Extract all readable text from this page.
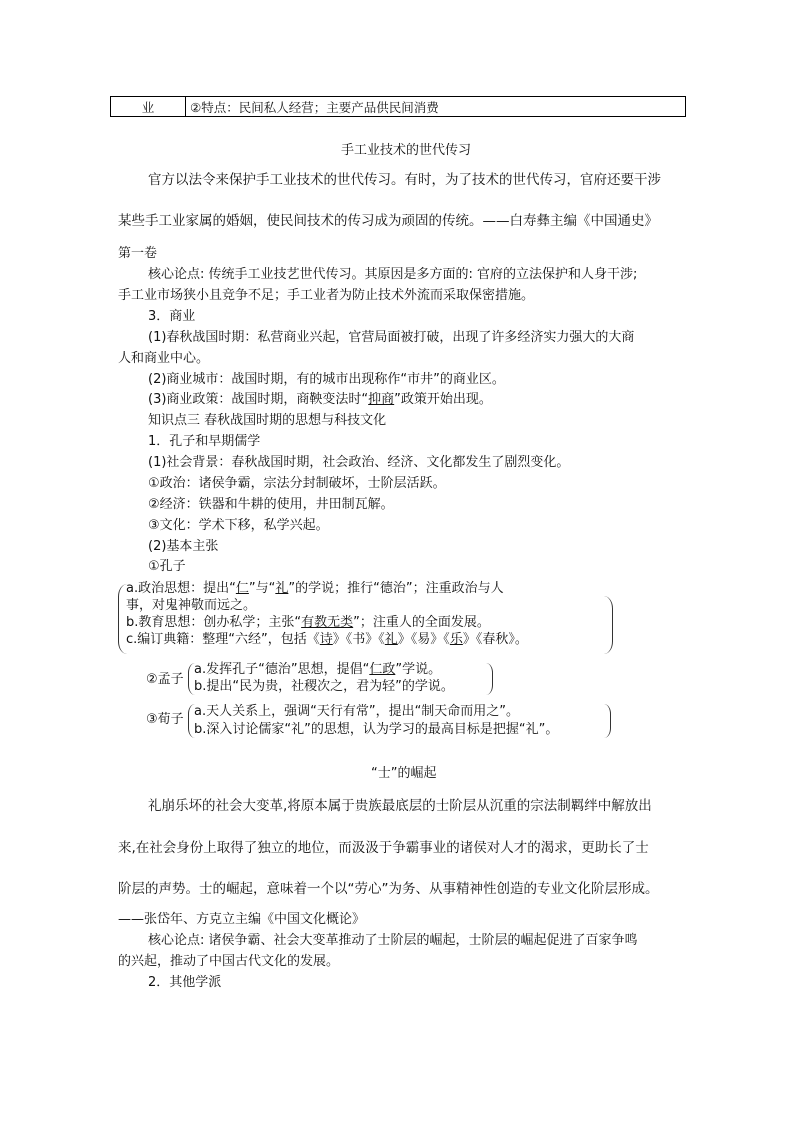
业	②特点：民间私人经营；主要产品供民间消费
手工业技术的世代传习
官方以法令来保护手工业技术的世代传习。有时，为了技术的世代传习，官府还要干涉
某些手工业家属的婚姻，使民间技术的传习成为顽固的传统。——白寿彝主编《中国通史》
第一卷
核心论点: 传统手工业技艺世代传习。其原因是多方面的: 官府的立法保护和人身干涉;
手工业市场狭小且竞争不足；手工业者为防止技术外流而采取保密措施。
3．商业
(1)春秋战国时期：私营商业兴起，官营局面被打破，出现了许多经济实力强大的大商
人和商业中心。
(2)商业城市：战国时期，有的城市出现称作“市井”的商业区。
(3)商业政策：战国时期，商鞅变法时“抑商”政策开始出现。
知识点三 春秋战国时期的思想与科技文化
1．孔子和早期儒学
(1)社会背景：春秋战国时期，社会政治、经济、文化都发生了剧烈变化。
①政治：诸侯争霸，宗法分封制破坏，士阶层活跃。
②经济：铁器和牛耕的使用，井田制瓦解。
③文化：学术下移，私学兴起。
(2)基本主张
①孔子
a.政治思想：提出“仁”与“礼”的学说；推行“德治”；注重政治与人
事，对鬼神敬而远之。
b.教育思想：创办私学；主张“有教无类”；注重人的全面发展。
c.编订典籍：整理“六经”，包括《诗》《书》《礼》《易》《乐》《春秋》。
②孟子
a.发挥孔子“德治”思想，提倡“仁政”学说。
b.提出“民为贵，社稷次之，君为轻”的学说。
③荀子
a.天人关系上，强调“天行有常”，提出“制天命而用之”。
b.深入讨论儒家“礼”的思想，认为学习的最高目标是把握“礼”。
“士”的崛起
礼崩乐坏的社会大变革,将原本属于贵族最底层的士阶层从沉重的宗法制羁绊中解放出
来,在社会身份上取得了独立的地位，而汲汲于争霸事业的诸侯对人才的渴求，更助长了士
阶层的声势。士的崛起，意味着一个以“劳心”为务、从事精神性创造的专业文化阶层形成。
——张岱年、方克立主编《中国文化概论》
核心论点: 诸侯争霸、社会大变革推动了士阶层的崛起，士阶层的崛起促进了百家争鸣
的兴起，推动了中国古代文化的发展。
2．其他学派
